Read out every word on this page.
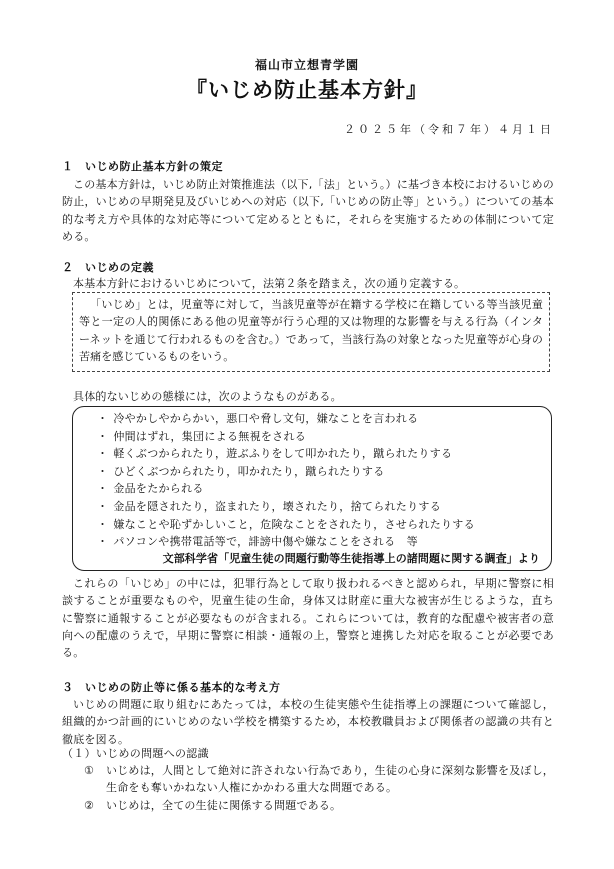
福山市立想青学園
『いじめ防止基本方針』
２０２５年（令和７年）４月１日
１　いじめ防止基本方針の策定
この基本方針は，いじめ防止対策推進法（以下,「法」という。）に基づき本校におけるいじめの防止，いじめの早期発見及びいじめへの対応（以下,「いじめの防止等」という。）についての基本的な考え方や具体的な対応等について定めるとともに，それらを実施するための体制について定める。
２　いじめの定義
本基本方針におけるいじめについて，法第２条を踏まえ，次の通り定義する。
「いじめ」とは，児童等に対して，当該児童等が在籍する学校に在籍している等当該児童等と一定の人的関係にある他の児童等が行う心理的又は物理的な影響を与える行為（インターネットを通じて行われるものを含む。）であって，当該行為の対象となった児童等が心身の苦痛を感じているものをいう。
具体的ないじめの態様には，次のようなものがある。
・ 冷やかしやからかい，悪口や脅し文句，嫌なことを言われる
・ 仲間はずれ，集団による無視をされる
・ 軽くぶつかられたり，遊ぶふりをして叩かれたり，蹴られたりする
・ ひどくぶつかられたり，叩かれたり，蹴られたりする
・ 金品をたかられる
・ 金品を隠されたり，盗まれたり，壊されたり，捨てられたりする
・ 嫌なことや恥ずかしいこと，危険なことをされたり，させられたりする
・ パソコンや携帯電話等で，誹謗中傷や嫌なことをされる　等
文部科学省「児童生徒の問題行動等生徒指導上の諸問題に関する調査」より
これらの「いじめ」の中には，犯罪行為として取り扱われるべきと認められ，早期に警察に相談することが重要なものや，児童生徒の生命，身体又は財産に重大な被害が生じるような，直ちに警察に通報することが必要なものが含まれる。これらについては，教育的な配慮や被害者の意向への配慮のうえで，早期に警察に相談・通報の上，警察と連携した対応を取ることが必要である。
３　いじめの防止等に係る基本的な考え方
いじめの問題に取り組むにあたっては，本校の生徒実態や生徒指導上の課題について確認し，組織的かつ計画的にいじめのない学校を構築するため，本校教職員および関係者の認識の共有と徹底を図る。
（１）いじめの問題への認識
①	いじめは，人間として絶対に許されない行為であり，生徒の心身に深刻な影響を及ぼし，生命をも奪いかねない人権にかかわる重大な問題である。
②	いじめは，全ての生徒に関係する問題である。
